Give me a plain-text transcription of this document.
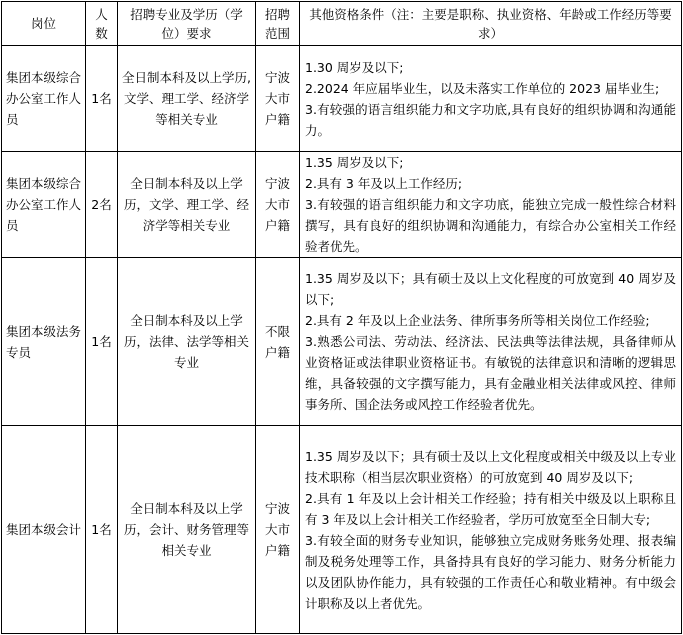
岗位	人数	招聘专业及学历（学位）要求	招聘范围	其他资格条件（注：主要是职称、执业资格、年龄或工作经历等要求）
集团本级综合办公室工作人员	1名	全日制本科及以上学历,文学、理工学、经济学等相关专业	宁波大市户籍	1.30 周岁及以下;
2.2024 年应届毕业生，以及未落实工作单位的 2023 届毕业生;
3.有较强的语言组织能力和文字功底,具有良好的组织协调和沟通能力。

集团本级综合办公室工作人员	2名	全日制本科及以上学历，文学、理工学、经济学等相关专业	宁波大市户籍	1.35 周岁及以下;
2.具有 3 年及以上工作经历;
3.有较强的语言组织能力和文字功底，能独立完成一般性综合材料撰写，具有良好的组织协调和沟通能力，有综合办公室相关工作经验者优先。

集团本级法务专员	1名	全日制本科及以上学历，法律、法学等相关专业	不限户籍	1.35 周岁及以下；具有硕士及以上文化程度的可放宽到 40 周岁及以下;
2.具有 2 年及以上企业法务、律所事务所等相关岗位工作经验;
3.熟悉公司法、劳动法、经济法、民法典等法律法规，具备律师从业资格证或法律职业资格证书。有敏锐的法律意识和清晰的逻辑思维，具备较强的文字撰写能力，具有金融业相关法律或风控、律师事务所、国企法务或风控工作经验者优先。

集团本级会计	1名	全日制本科及以上学历，会计、财务管理等相关专业	宁波大市户籍	1.35 周岁及以下；具有硕士及以上文化程度或相关中级及以上专业技术职称（相当层次职业资格）的可放宽到 40 周岁及以下;
2.具有 1 年及以上会计相关工作经验；持有相关中级及以上职称且有 3 年及以上会计相关工作经验者，学历可放宽至全日制大专;
3.有较全面的财务专业知识，能够独立完成财务账务处理、报表编制及税务处理等工作，具备持具有良好的学习能力、财务分析能力以及团队协作能力，具有较强的工作责任心和敬业精神。有中级会计职称及以上者优先。
